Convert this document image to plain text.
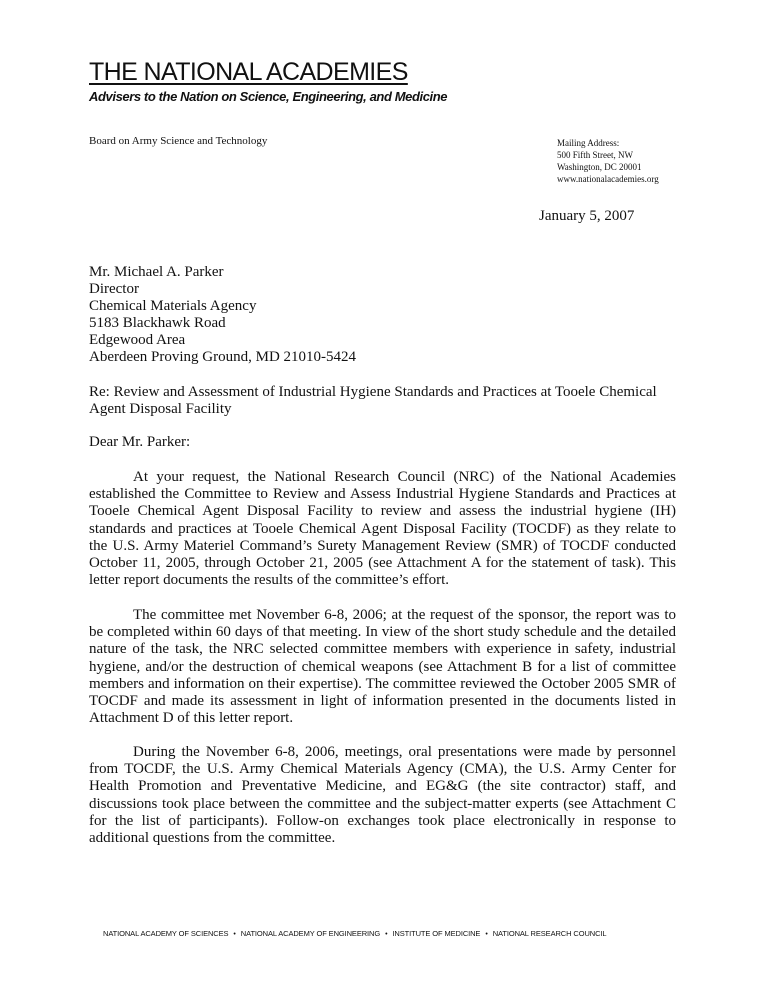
THE NATIONAL ACADEMIES
Advisers to the Nation on Science, Engineering, and Medicine
Board on Army Science and Technology	Mailing Address:
500 Fifth Street, NW
Washington, DC 20001
www.nationalacademies.org
January 5, 2007
Mr. Michael A. Parker
Director
Chemical Materials Agency
5183 Blackhawk Road
Edgewood Area
Aberdeen Proving Ground, MD 21010-5424
Re: Review and Assessment of Industrial Hygiene Standards and Practices at Tooele Chemical Agent Disposal Facility
Dear Mr. Parker:

At your request, the National Research Council (NRC) of the National Academies established the Committee to Review and Assess Industrial Hygiene Standards and Practices at Tooele Chemical Agent Disposal Facility to review and assess the industrial hygiene (IH) standards and practices at Tooele Chemical Agent Disposal Facility (TOCDF) as they relate to the U.S. Army Materiel Command’s Surety Management Review (SMR) of TOCDF conducted October 11, 2005, through October 21, 2005 (see Attachment A for the statement of task). This letter report documents the results of the committee’s effort.

The committee met November 6-8, 2006; at the request of the sponsor, the report was to be completed within 60 days of that meeting. In view of the short study schedule and the detailed nature of the task, the NRC selected committee members with experience in safety, industrial hygiene, and/or the destruction of chemical weapons (see Attachment B for a list of committee members and information on their expertise). The committee reviewed the October 2005 SMR of TOCDF and made its assessment in light of information presented in the documents listed in Attachment D of this letter report.

During the November 6-8, 2006, meetings, oral presentations were made by personnel from TOCDF, the U.S. Army Chemical Materials Agency (CMA), the U.S. Army Center for Health Promotion and Preventative Medicine, and EG&G (the site contractor) staff, and discussions took place between the committee and the subject-matter experts (see Attachment C for the list of participants). Follow-on exchanges took place electronically in response to additional questions from the committee.

NATIONAL ACADEMY OF SCIENCES • NATIONAL ACADEMY OF ENGINEERING • INSTITUTE OF MEDICINE • NATIONAL RESEARCH COUNCIL
